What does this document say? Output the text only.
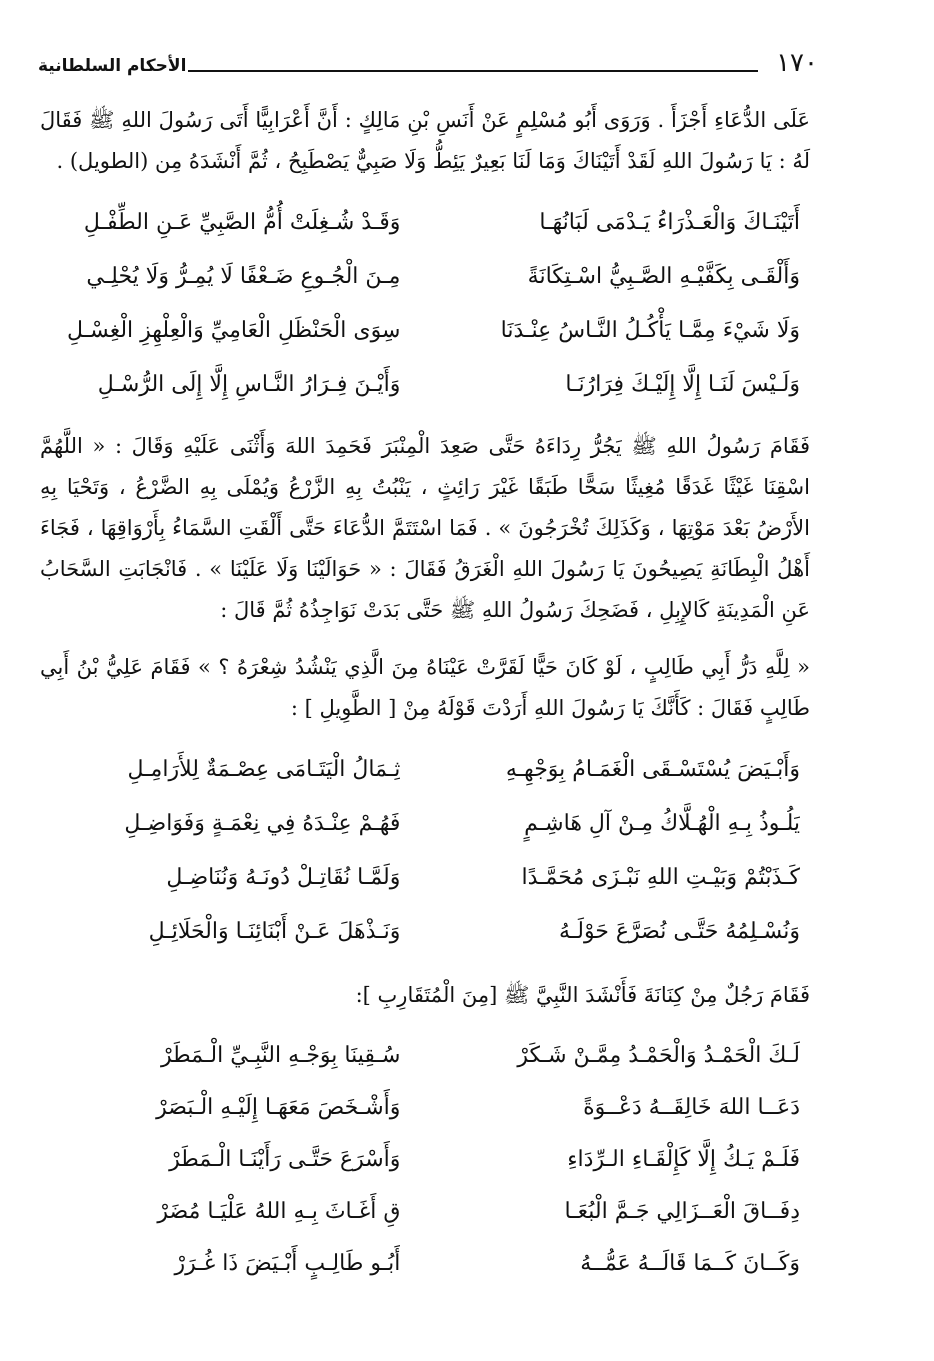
الأحكام السلطانية	١٧٠

عَلَى الدُّعَاءِ أَجْزَأَ . وَرَوَى أَبُو مُسْلِمٍ عَنْ أَنَسِ بْنِ مَالِكٍ : أَنَّ أَعْرَابِيًّا أَتَى رَسُولَ اللهِ ﷺ فَقَالَ لَهُ : يَا رَسُولَ اللهِ لَقَدْ أَتَيْنَاكَ وَمَا لَنَا بَعِيرٌ يَئِطُّ وَلَا صَبِيٌّ يَصْطَبِحُ ، ثُمَّ أَنْشَدَهُ مِن (الطويل) .

أَتَيْنَـاكَ وَالْعَـذْرَاءُ يَـدْمَى لَبَانُهَـا
وَقَـدْ شُـغِلَتْ أُمُّ الصَّبِيِّ عَـنِ الطِّفْـلِ
وَأَلْقَـى بِكَفَّيْـهِ الصَّـبِيُّ اسْـتِكَانَةً
مِـنَ الْجُـوعِ ضَـعْفًا لَا يُمِـرُّ وَلَا يُحْلِـي
وَلَا شَيْءَ مِمَّـا يَأْكُـلُ النَّـاسُ عِنْـدَنَا
سِوَى الْحَنْظَلِ الْعَامِيِّ وَالْعِلْهِزِ الْغِسْـلِ
وَلَـيْسَ لَنَـا إِلَّا إِلَيْـكَ فِرَارُنَـا
وَأَيْـنَ فِـرَارُ النَّـاسِ إِلَّا إِلَى الرُّسْـلِ

فَقَامَ رَسُولُ اللهِ ﷺ يَجُرُّ رِدَاءَهُ حَتَّى صَعِدَ الْمِنْبَرَ فَحَمِدَ اللهَ وَأَثْنَى عَلَيْهِ وَقَالَ : « اللَّهُمَّ اسْقِنَا غَيْثًا غَدَقًا مُغِيثًا سَحًّا طَبَقًا غَيْرَ رَائِثٍ ، يَنْبُتُ بِهِ الزَّرْعُ وَيُمْلَى بِهِ الضَّرْعُ ، وَتَحْيَا بِهِ الأَرْضُ بَعْدَ مَوْتِهَا ، وَكَذَلِكَ تُخْرَجُونَ » . فَمَا اسْتَتَمَّ الدُّعَاءَ حَتَّى أَلْقَتِ السَّمَاءُ بِأَرْوَاقِهَا ، فَجَاءَ أَهْلُ الْبِطَانَةِ يَصِيحُونَ يَا رَسُولَ اللهِ الْغَرَقُ فَقَالَ : « حَوَالَيْنَا وَلَا عَلَيْنَا » . فَانْجَابَتِ السَّحَابُ عَنِ الْمَدِينَةِ كَالإِبِلِ ، فَضَحِكَ رَسُولُ اللهِ ﷺ حَتَّى بَدَتْ نَوَاجِذُهُ ثُمَّ قَالَ :

« لِلَّهِ دَرُّ أَبِي طَالِبٍ ، لَوْ كَانَ حَيًّا لَقَرَّتْ عَيْنَاهُ مِنَ الَّذِي يَنْشُدُ شِعْرَهُ ؟ » فَقَامَ عَلِيُّ بْنُ أَبِي طَالِبٍ فَقَالَ : كَأَنَّكَ يَا رَسُولَ اللهِ أَرَدْتَ قَوْلَهُ مِنْ [ الطَّوِيلِ ] :

وَأَبْـيَضَ يُسْتَسْـقَى الْغَمَـامُ بِوَجْهِـهِ
ثِـمَالُ الْيَتَـامَى عِصْـمَةٌ لِلأَرَامِـلِ
يَلُـوذُ بِـهِ الْهُـلَّاكُ مِـنْ آلِ هَاشِـمٍ
فَهُـمْ عِنْـدَهُ فِي نِعْمَـةٍ وَفَوَاضِـلِ
كَـذَبْتُمْ وَبَيْـتِ اللهِ نَبْـزَى مُحَمَّـدًا
وَلَمَّـا نُقَاتِـلْ دُونَـهُ وَنُنَاضِـلِ
وَنُسْـلِمُهُ حَتَّـى نُصَرَّعَ حَوْلَـهُ
وَنَـذْهَلَ عَـنْ أَبْنَائِنَـا وَالْحَلَائِـلِ

فَقَامَ رَجُلٌ مِنْ كِنَانَةَ فَأَنْشَدَ النَّبِيَّ ﷺ [مِنَ الْمُتَقَارِبِ ]:

لَـكَ الْحَمْـدُ وَالْحَمْـدُ مِمَّـنْ شَـكَرْ
سُـقِينَا بِوَجْـهِ النَّبِـيِّ الْـمَطَرْ
دَعَــا اللهَ خَالِقَــهُ دَعْــوَةً
وَأَشْـخَصَ مَعَهَـا إِلَيْـهِ الْـبَصَرْ
فَلَـمْ يَـكُ إِلَّا كَإِلْقَـاءِ الـرِّدَاءِ
وَأَسْرَعَ حَتَّـى رَأَيْنَـا الْـمَطَرْ
دِفَــاقَ الْعَــزَالِي جَـمَّ الْبُعَـا
قِ أَغَـاثَ بِـهِ اللهُ عَلْيَـا مُضَرْ
وَكَــانَ كَــمَا قَالَــهُ عَمُّــهُ
أَبُـو طَالِـبٍ أَبْـيَضَ ذَا غُـرَرْ
